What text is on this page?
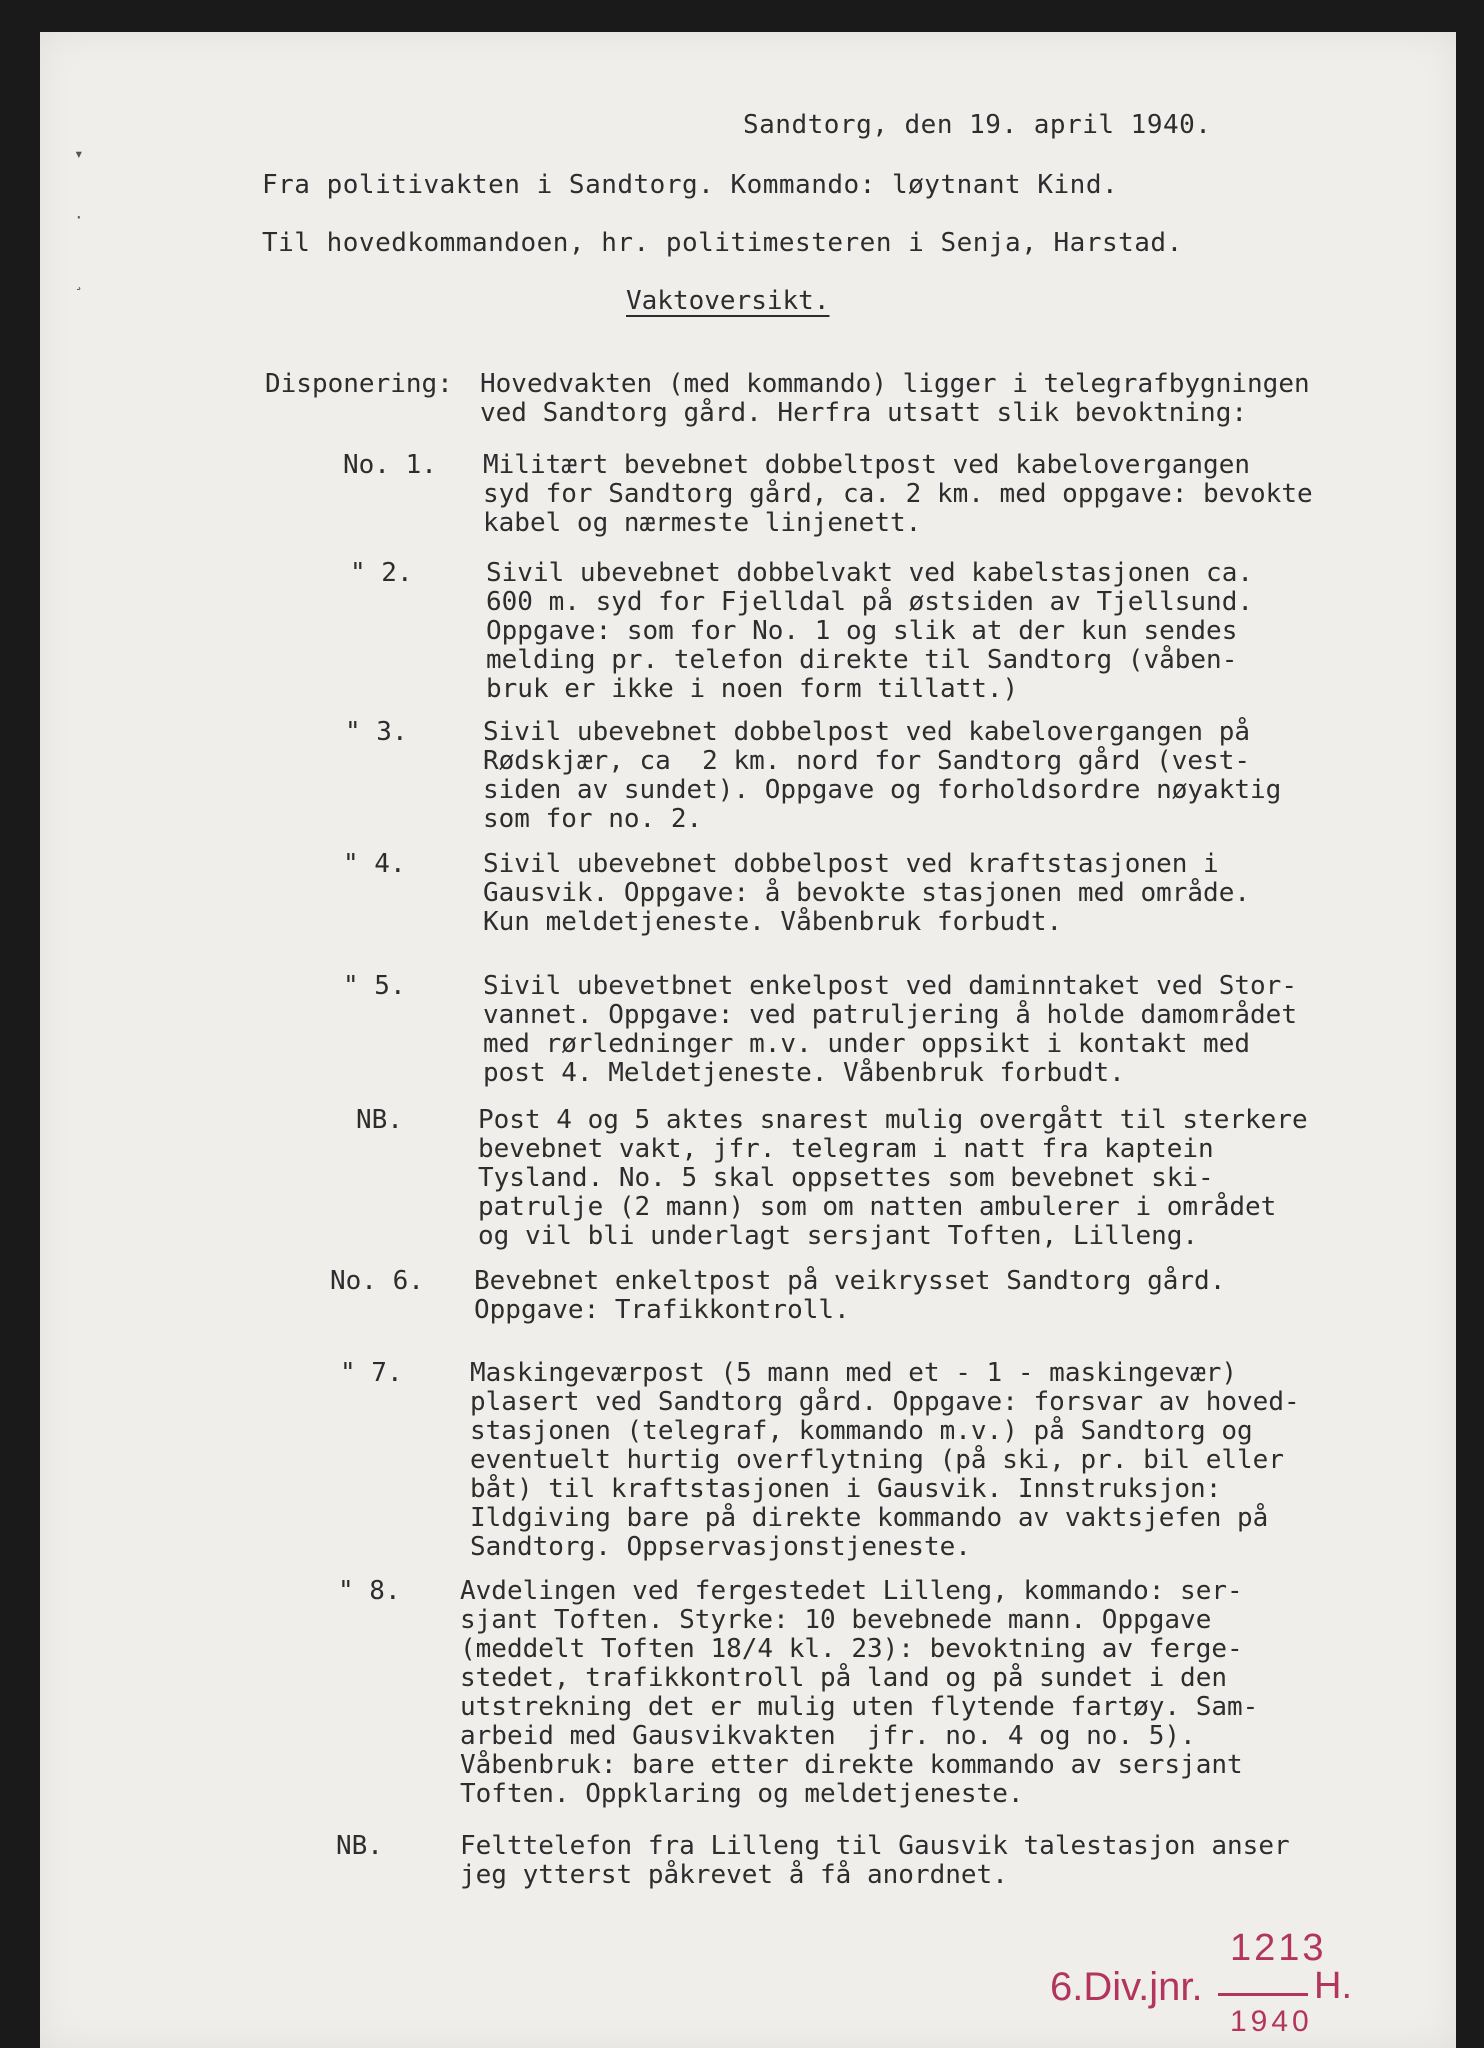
▾
·
¸
Sandtorg, den 19. april 1940.
Fra politivakten i Sandtorg. Kommando: løytnant Kind.
Til hovedkommandoen, hr. politimesteren i Senja, Harstad.
Vaktoversikt.
Disponering: Hovedvakten (med kommando) ligger i telegrafbygningen
ved Sandtorg gård. Herfra utsatt slik bevoktning:
No. 1. Militært bevebnet dobbeltpost ved kabelovergangen
syd for Sandtorg gård, ca. 2 km. med oppgave: bevokte
kabel og nærmeste linjenett.
" 2.	Sivil ubevebnet dobbelvakt ved kabelstasjonen ca.
600 m. syd for Fjelldal på østsiden av Tjellsund.
Oppgave: som for No. 1 og slik at der kun sendes
melding pr. telefon direkte til Sandtorg (våben-
bruk er ikke i noen form tillatt.)
" 3.	Sivil ubevebnet dobbelpost ved kabelovergangen på
Rødskjær, ca  2 km. nord for Sandtorg gård (vest-
siden av sundet). Oppgave og forholdsordre nøyaktig
som for no. 2.
" 4.	Sivil ubevebnet dobbelpost ved kraftstasjonen i
Gausvik. Oppgave: å bevokte stasjonen med område.
Kun meldetjeneste. Våbenbruk forbudt.
" 5.	Sivil ubevetbnet enkelpost ved daminntaket ved Stor-
vannet. Oppgave: ved patruljering å holde damområdet
med rørledninger m.v. under oppsikt i kontakt med
post 4. Meldetjeneste. Våbenbruk forbudt.
NB.	Post 4 og 5 aktes snarest mulig overgått til sterkere
bevebnet vakt, jfr. telegram i natt fra kaptein
Tysland. No. 5 skal oppsettes som bevebnet ski-
patrulje (2 mann) som om natten ambulerer i området
og vil bli underlagt sersjant Toften, Lilleng.
No. 6. Bevebnet enkeltpost på veikrysset Sandtorg gård.
Oppgave: Trafikkontroll.
" 7.	Maskingeværpost (5 mann med et - 1 - maskingevær)
plasert ved Sandtorg gård. Oppgave: forsvar av hoved-
stasjonen (telegraf, kommando m.v.) på Sandtorg og
eventuelt hurtig overflytning (på ski, pr. bil eller
båt) til kraftstasjonen i Gausvik. Innstruksjon:
Ildgiving bare på direkte kommando av vaktsjefen på
Sandtorg. Oppservasjonstjeneste.
" 8. Avdelingen ved fergestedet Lilleng, kommando: ser-
sjant Toften. Styrke: 10 bevebnede mann. Oppgave
(meddelt Toften 18/4 kl. 23): bevoktning av ferge-
stedet, trafikkontroll på land og på sundet i den
utstrekning det er mulig uten flytende fartøy. Sam-
arbeid med Gausvikvakten  jfr. no. 4 og no. 5).
Våbenbruk: bare etter direkte kommando av sersjant
Toften. Oppklaring og meldetjeneste.
NB.	Felttelefon fra Lilleng til Gausvik talestasjon anser
jeg ytterst påkrevet å få anordnet.
1213
6.Div.jnr.	H.
1940
